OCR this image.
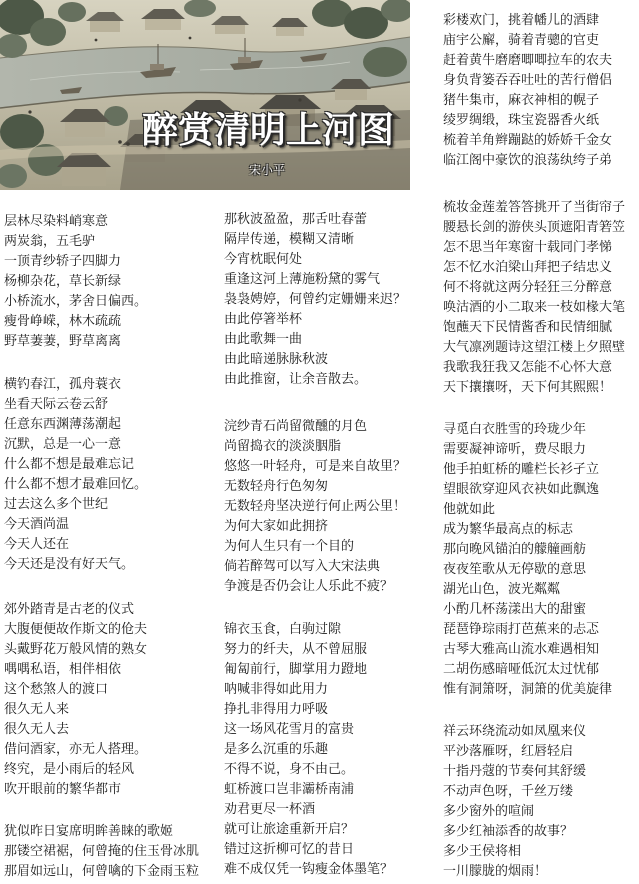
醉赏清明上河图
宋小平
层林尽染料峭寒意
两炭翁，五毛驴
一顶青纱轿子四脚力
杨柳杂花，草长新绿
小桥流水，茅舍日偏西。
瘦骨峥嵘，林木疏疏
野草萋萋，野草离离
横钓春江，孤舟蓑衣
坐看天际云卷云舒
任意东西渊薄荡潮起
沉默，总是一心一意
什么都不想是最难忘记
什么都不想才最难回忆。
过去这么多个世纪
今天酒尚温
今天人还在
今天还是没有好天气。
郊外踏青是古老的仪式
大腹便便故作斯文的伧夫
头戴野花万般风情的熟女
喁喁私语，相伴相依
这个愁煞人的渡口
很久无人来
很久无人去
借问酒家，亦无人搭理。
终究，是小雨后的轻风
吹开眼前的繁华都市
犹似昨日宴席明眸善睐的歌姬
那镂空裙裾，何曾掩的住玉骨冰肌
那眉如远山，何曾噙的下金雨玉粒
那秋波盈盈，那舌吐春蕾
隔岸传递，模糊又清晰
今宵枕眠何处
重逢这河上薄施粉黛的雾气
袅袅娉婷，何曾约定姗姗来迟？
由此停箸举杯
由此歌舞一曲
由此暗递脉脉秋波
由此推窗，让余音散去。
浣纱青石尚留微醺的月色
尚留捣衣的淡淡胭脂
悠悠一叶轻舟，可是来自故里？
无数轻舟行色匆匆
无数轻舟坚决逆行何止两公里！
为何大家如此拥挤
为何人生只有一个目的
倘若醉驾可以写入大宋法典
争渡是否仍会让人乐此不疲？
锦衣玉食，白驹过隙
努力的纤夫，从不曾屈服
匍匐前行，脚掌用力蹬地
呐喊非得如此用力
挣扎非得用力呼吸
这一场风花雪月的富贵
是多么沉重的乐趣
不得不说，身不由己。
虹桥渡口岂非灞桥南浦
劝君更尽一杯酒
就可让旅途重新开启？
错过这折柳可忆的昔日
难不成仅凭一钩瘦金体墨笔？
彩楼欢门，挑着幡儿的酒肆
庙宇公廨，骑着青骢的官吏
赶着黄牛磨磨唧唧拉车的农夫
身负背篓吞吞吐吐的苦行僧侣
猪牛集市，麻衣神相的幌子
绫罗绸缎，珠宝瓷器香火纸
梳着羊角辫蹦跶的娇娇千金女
临江阁中豪饮的浪荡纨绔子弟
梳妆金莲羞答答挑开了当街帘子
腰悬长剑的游侠头顶遮阳青箬笠
怎不思当年寒窗十载同门孝悌
怎不忆水泊梁山拜把子结忠义
何不将就这两分轻狂三分醉意
唤沽酒的小二取来一枝如椽大笔
饱蘸天下民情酱香和民情细腻
大气凛冽题诗这望江楼上夕照壁
我歌我狂我又怎能不心怀大意
天下攘攘呀，天下何其熙熙！
寻觅白衣胜雪的玲珑少年
需要凝神谛听，费尽眼力
他手拍虹桥的雕栏长衫孑立
望眼欲穿迎风衣袂如此飘逸
他就如此
成为繁华最高点的标志
那向晚风锚泊的艨艟画舫
夜夜笙歌从无停歇的意思
湖光山色，波光粼粼
小酌几杯荡漾出大的甜蜜
琵琶铮琮雨打芭蕉来的忐忑
古琴大雅高山流水难遇相知
二胡伤感暗哑低沉太过忧郁
惟有洞箫呀，洞箫的优美旋律
祥云环绕流动如凤凰来仪
平沙落雁呀，红唇轻启
十指丹蔻的节奏何其舒缓
不动声色呀，千丝万缕
多少窗外的喧闹
多少红袖添香的故事？
多少王侯将相
一川朦胧的烟雨！
